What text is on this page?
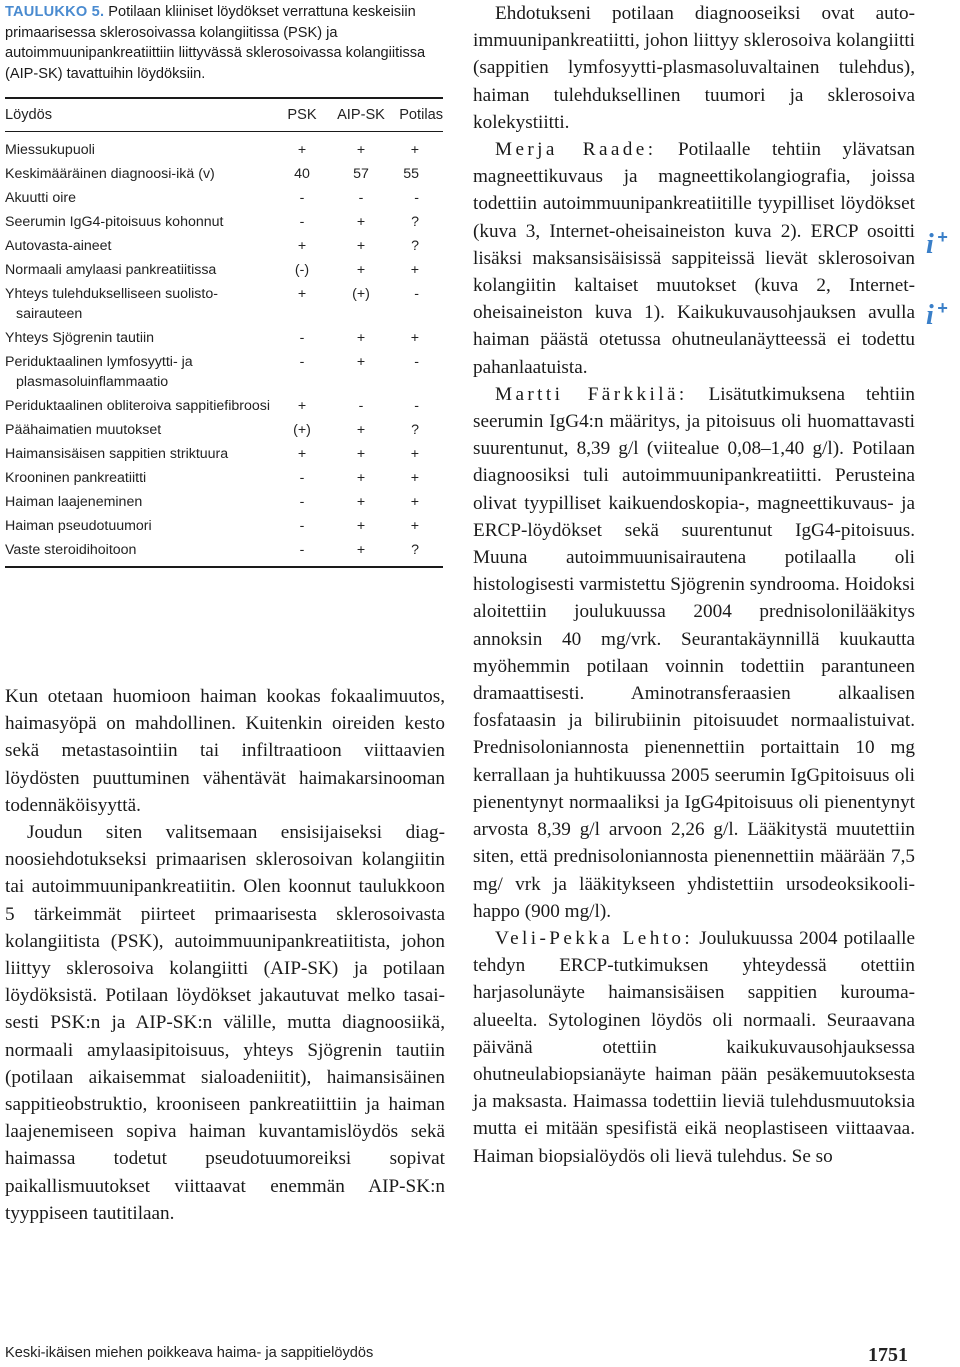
TAULUKKO 5. Potilaan kliiniset löydökset verrattuna keskeisiin primaarisessa sklerosoivassa kolangiitissa (PSK) ja autoimmuunipankreatiittiin liittyvässä sklerosoivassa kolangiitissa (AIP-SK) tavattuihin löydöksiin.
Löydös	PSK	AIP-SK	Potilas

Miessukupuoli	+	+	+

Keskimääräinen diagnoosi-ikä (v)	40	57	55

Akuutti oire	-	-	-

Seerumin IgG4-pitoisuus kohonnut	-	+	?

Autovasta-aineet	+	+	?

Normaali amylaasi pankreatiitissa	(-)	+	+

Yhteys tulehdukselliseen suolistosairauteen	+	(+)	-

Yhteys Sjögrenin tautiin	-	+	+

Periduktaalinen lymfosyytti- ja plasmasoluinflammaatio	-	+	-

Periduktaalinen obliteroiva sappitiefibroosi	+	-	-

Päähaimatien muutokset	(+)	+	?

Haimansisäisen sappitien striktuura	+	+	+

Krooninen pankreatiitti	-	+	+

Haiman laajeneminen	-	+	+

Haiman pseudotuumori	-	+	+

Vaste steroidihoitoon	-	+	?

Kun otetaan huomioon haiman kookas fokaalimuutos, haimasyöpä on mahdollinen. Kuitenkin oireiden kesto sekä metastasointiin tai infiltraatioon viittaavien löydösten puuttuminen vähentävät haimakarsinooman todennäköisyyttä.

Joudun siten valitsemaan ensisijaiseksi diagnoosiehdotukseksi primaarisen sklerosoivan kolangiitin tai autoimmuunipankreatiitin. Olen koonnut taulukkoon 5 tärkeimmät piirteet primaarisesta sklerosoivasta kolangiitista (PSK), autoimmuunipankreatiitista, johon liittyy sklerosoiva kolangiitti (AIP-SK) ja potilaan löydöksistä. Potilaan löydökset jakautuvat melko tasaisesti PSK:n ja AIP-SK:n välille, mutta diagnoosiikä, normaali amylaasipitoisuus, yhteys Sjögrenin tautiin (potilaan aikaisemmat sialoadeniitit), haimansisäinen sappitieobstruktio, krooniseen pankreatiittiin ja haiman laajenemiseen sopiva haiman kuvantamislöydös sekä haimassa todetut pseudotuumoreiksi sopivat paikallismuutokset viittaavat enemmän AIP-SK:n tyyppiseen tautitilaan.

Ehdotukseni potilaan diagnooseiksi ovat autoimmuunipankreatiitti, johon liittyy sklerosoiva kolangiitti (sappitien lymfosyytti-plasmasoluvaltainen tulehdus), haiman tulehduksellinen tuumori ja sklerosoiva kolekystiitti.

Merja Raade: Potilaalle tehtiin ylävatsan magneettikuvaus ja magneettikolangiografia, joissa todettiin autoimmuunipankreatiitille tyypilliset löydökset (kuva 3, Internet-oheisaineiston kuva 2). ERCP osoitti lisäksi maksansisäisissä sappiteissä lievät sklerosoivan kolangiitin kaltaiset muutokset (kuva 2, Internet-oheisaineiston kuva 1). Kaikukuvausohjauksen avulla haiman päästä otetussa ohutneulanäytteessä ei todettu pahanlaatuista.

Martti Färkkilä: Lisätutkimuksena tehtiin seerumin IgG4:n määritys, ja pitoisuus oli huomattavasti suurentunut, 8,39 g/l (viitealue 0,08–1,40 g/l). Potilaan diagnoosiksi tuli autoimmuunipankreatiitti. Perusteina olivat tyypilliset kaikuendoskopia-, magneettikuvaus- ja ERCP-löydökset sekä suurentunut IgG4-pitoisuus. Muuna autoimmuunisairautena potilaalla oli histologisesti varmistettu Sjögrenin syndrooma. Hoidoksi aloitettiin joulukuussa 2004 prednisolonilääkitys annoksin 40 mg/vrk. Seurantakäynnillä kuukautta myöhemmin potilaan voinnin todettiin parantuneen dramaattisesti. Aminotransferaasien alkaalisen fosfataasin ja bilirubiinin pitoisuudet normaalistuivat. Prednisoloniannosta pienennettiin portaittain 10 mg kerrallaan ja huhtikuussa 2005 seerumin IgGpitoisuus oli pienentynyt normaaliksi ja IgG4pitoisuus oli pienentynyt arvosta 8,39 g/l arvoon 2,26 g/l. Lääkitystä muutettiin siten, että prednisoloniannosta pienennettiin määrään 7,5 mg/ vrk ja lääkitykseen yhdistettiin ursodeoksikoolihappo (900 mg/l).

Veli-Pekka Lehto: Joulukuussa 2004 potilaalle tehdyn ERCP-tutkimuksen yhteydessä otettiin harjasolunäyte haimansisäisen sappitien kurouma-alueelta. Sytologinen löydös oli normaali. Seuraavana päivänä otettiin kaikukuvausohjauksessa ohutneulabiopsianäyte haiman pään pesäkemuutoksesta ja maksasta. Haimassa todettiin lieviä tulehdusmuutoksia mutta ei mitään spesifistä eikä neoplastiseen viittaavaa. Haiman biopsialöydös oli lievä tulehdus. Se so

i +
i +
Keski-ikäisen miehen poikkeava haima- ja sappitielöydös	1751
